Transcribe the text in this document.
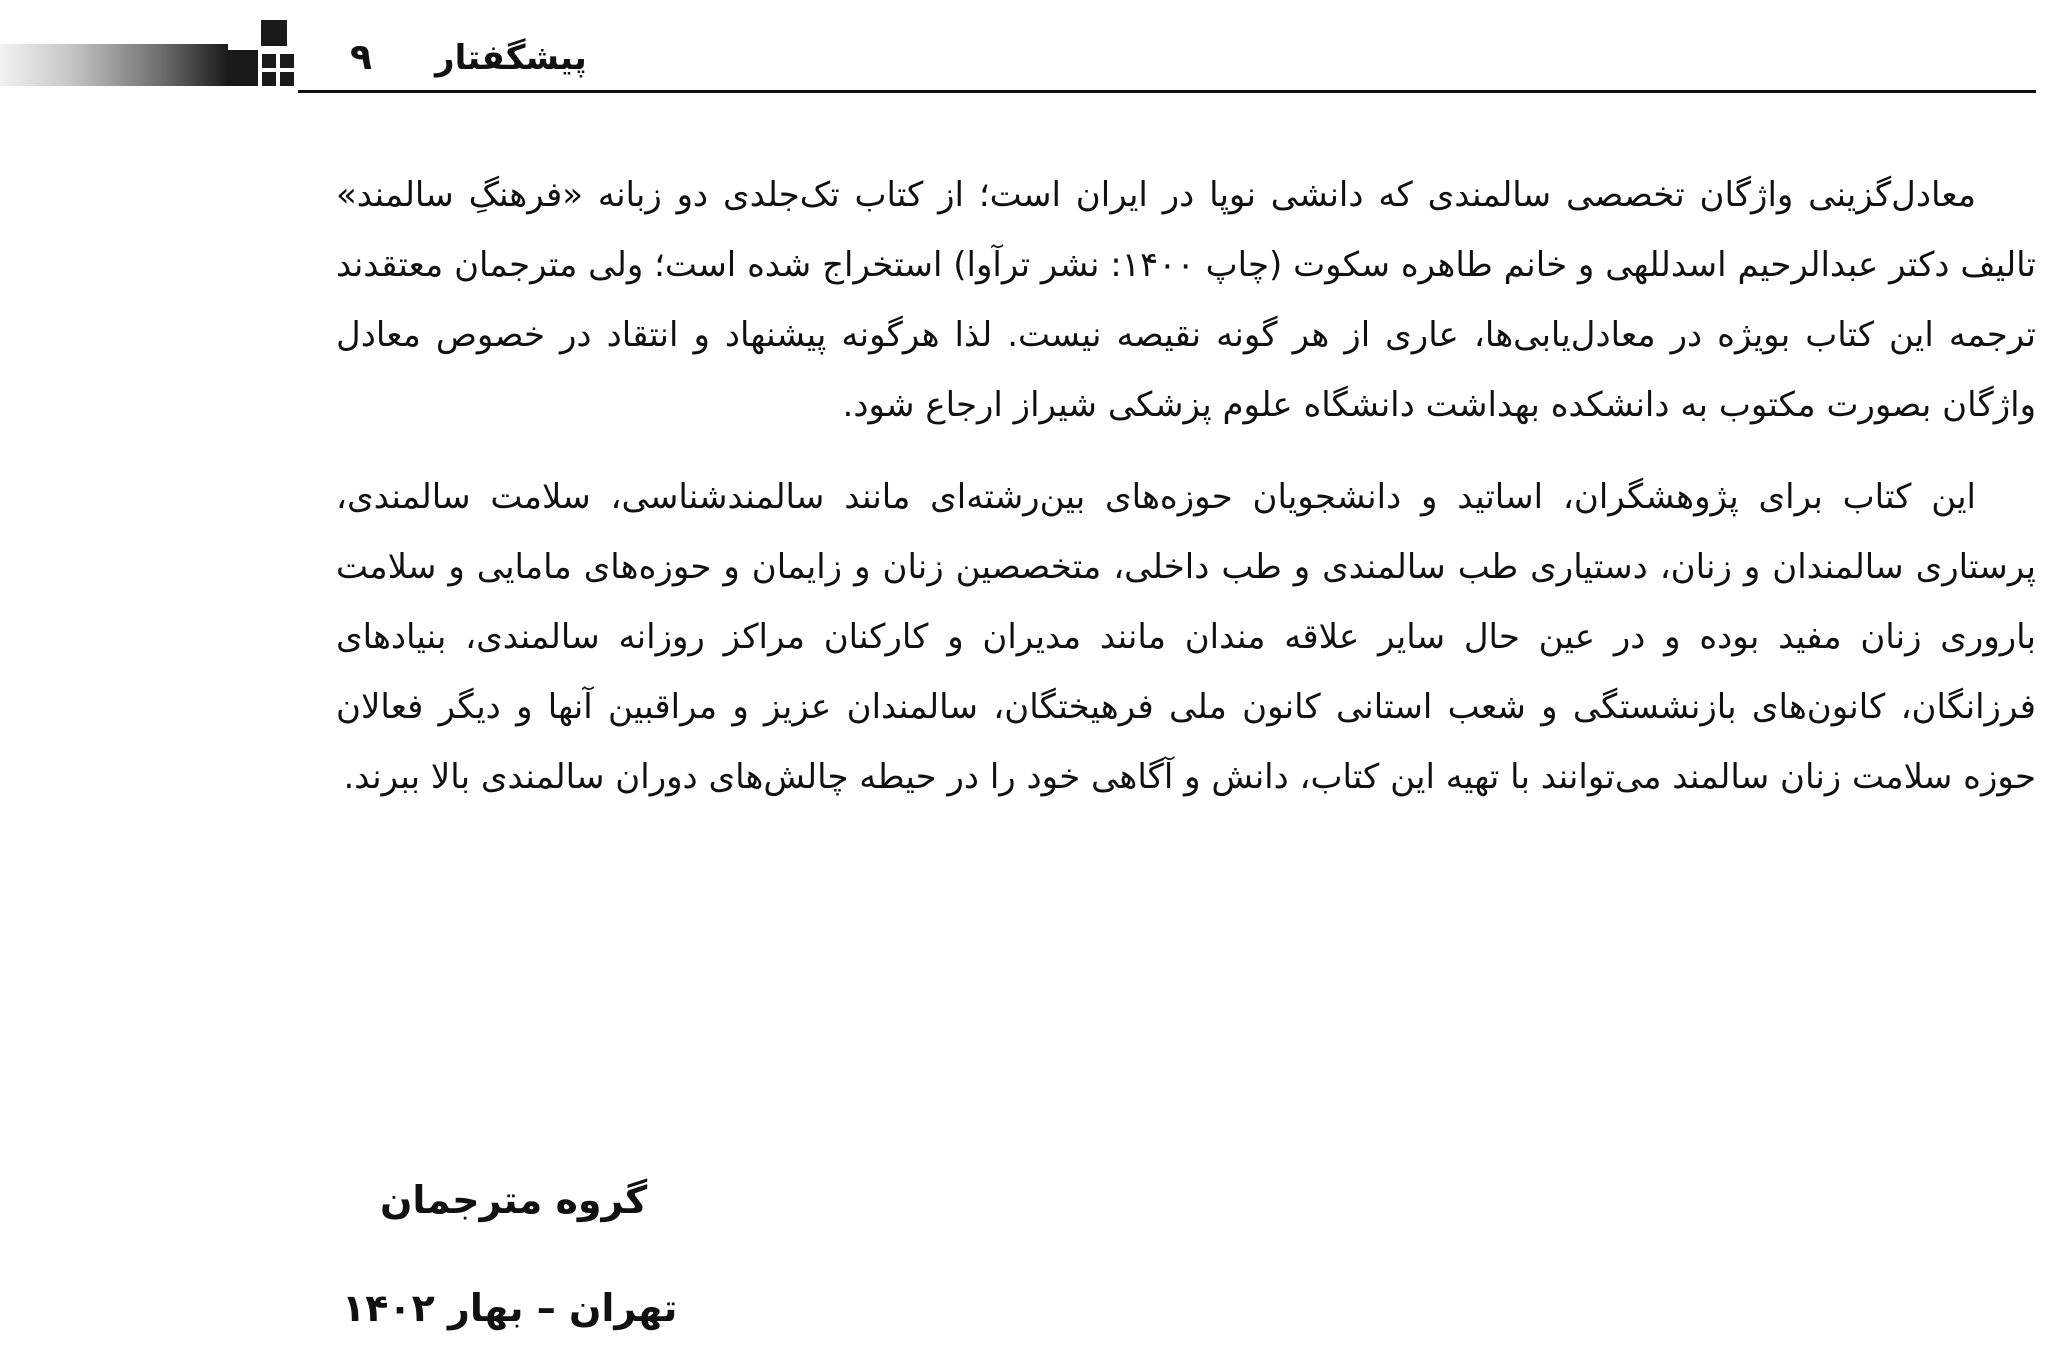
۹ پیشگفتار

معادل‌گزینی واژگان تخصصی سالمندی که دانشی نوپا در ایران است؛ از کتاب تک‌جلدی دو زبانه «فرهنگِ سالمند» تالیف دکتر عبدالرحیم اسدللهی و خانم طاهره سکوت (چاپ ۱۴۰۰: نشر ترآوا) استخراج شده است؛ ولی مترجمان معتقدند ترجمه این کتاب بویژه در معادل‌یابی‌ها، عاری از هر گونه نقیصه نیست. لذا هرگونه پیشنهاد و انتقاد در خصوص معادل واژگان بصورت مکتوب به دانشکده بهداشت دانشگاه علوم پزشکی شیراز ارجاع شود.

این کتاب برای پژوهشگران، اساتید و دانشجویان حوزه‌های بین‌رشته‌ای مانند سالمندشناسی، سلامت سالمندی، پرستاری سالمندان و زنان، دستیاری طب سالمندی و طب داخلی، متخصصین زنان و زایمان و حوزه‌های مامایی و سلامت باروری زنان مفید بوده و در عین حال سایر علاقه مندان مانند مدیران و کارکنان مراکز روزانه سالمندی، بنیادهای فرزانگان، کانون‌های بازنشستگی و شعب استانی کانون ملی فرهیختگان، سالمندان عزیز و مراقبین آنها و دیگر فعالان حوزه سلامت زنان سالمند می‌توانند با تهیه این کتاب، دانش و آگاهی خود را در حیطه چالش‌های دوران سالمندی بالا ببرند.

گروه مترجمان
تهران – بهار ۱۴۰۲
